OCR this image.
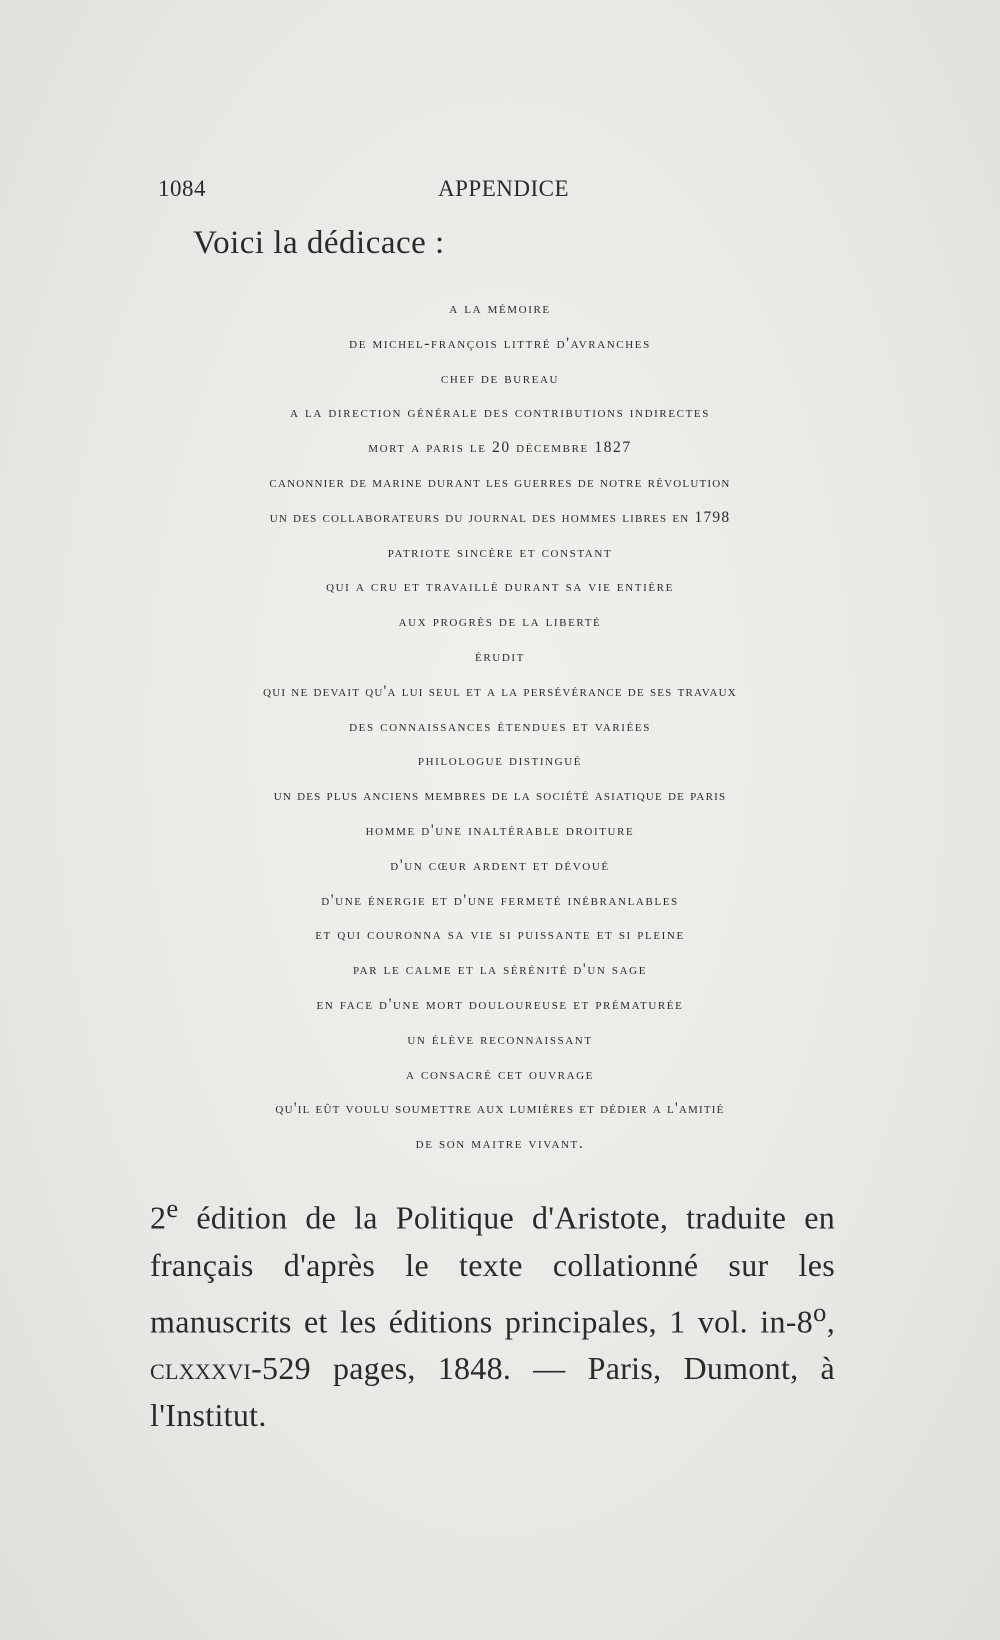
1084	APPENDICE
Voici la dédicace :
a la mémoire
de michel-françois littré d'avranches
chef de bureau
a la direction générale des contributions indirectes
mort a paris le 20 décembre 1827
canonnier de marine durant les guerres de notre révolution
un des collaborateurs du journal des hommes libres en 1798
patriote sincère et constant
qui a cru et travaillé durant sa vie entière
aux progrès de la liberté
érudit
qui ne devait qu'a lui seul et a la persévérance de ses travaux
des connaissances étendues et variées
philologue distingué
un des plus anciens membres de la société asiatique de paris
homme d'une inaltérable droiture
d'un cœur ardent et dévoué
d'une énergie et d'une fermeté inébranlables
et qui couronna sa vie si puissante et si pleine
par le calme et la sérénité d'un sage
en face d'une mort douloureuse et prématurée
un élève reconnaissant
a consacré cet ouvrage
qu'il eût voulu soumettre aux lumières et dédier a l'amitié
de son maitre vivant.

2e édition de la Politique d'Aristote, traduite en français d'après le texte collationné sur les manuscrits et les éditions principales, 1 vol. in-8$^o$, clxxxvi-529 pages, 1848. — Paris, Dumont, à l'Institut.
